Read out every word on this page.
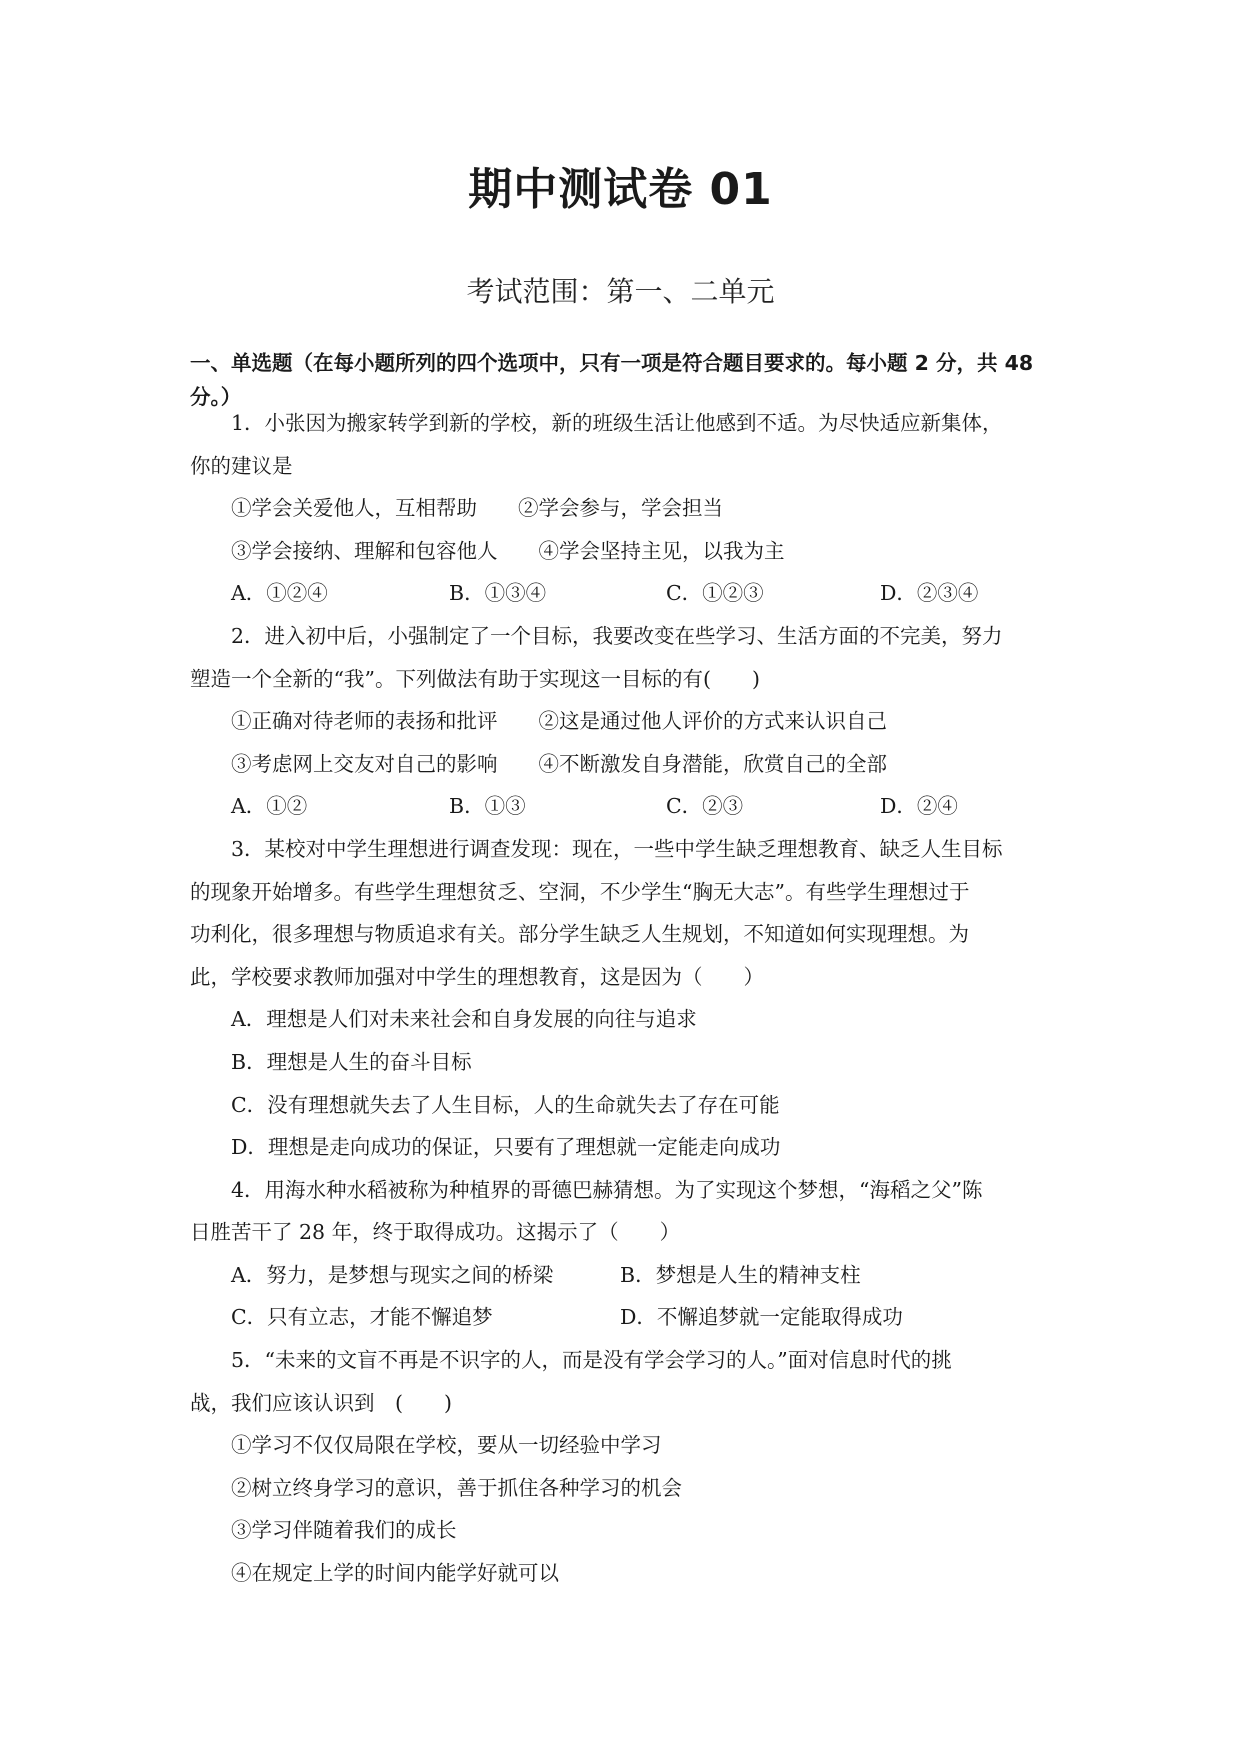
期中测试卷 01
考试范围：第一、二单元
一、单选题（在每小题所列的四个选项中，只有一项是符合题目要求的。每小题 2 分，共 48 分。）
1．小张因为搬家转学到新的学校，新的班级生活让他感到不适。为尽快适应新集体，
你的建议是
①学会关爱他人，互相帮助　　②学会参与，学会担当
③学会接纳、理解和包容他人　　④学会坚持主见，以我为主
A．①②④	B．①③④	C．①②③	D．②③④
2．进入初中后，小强制定了一个目标，我要改变在些学习、生活方面的不完美，努力
塑造一个全新的“我”。下列做法有助于实现这一目标的有(　　)
①正确对待老师的表扬和批评　　②这是通过他人评价的方式来认识自己
③考虑网上交友对自己的影响　　④不断激发自身潜能，欣赏自己的全部
A．①②	B．①③	C．②③	D．②④
3．某校对中学生理想进行调查发现：现在，一些中学生缺乏理想教育、缺乏人生目标
的现象开始增多。有些学生理想贫乏、空洞，不少学生“胸无大志”。有些学生理想过于
功利化，很多理想与物质追求有关。部分学生缺乏人生规划，不知道如何实现理想。为
此，学校要求教师加强对中学生的理想教育，这是因为（　　）
A．理想是人们对未来社会和自身发展的向往与追求
B．理想是人生的奋斗目标
C．没有理想就失去了人生目标，人的生命就失去了存在可能
D．理想是走向成功的保证，只要有了理想就一定能走向成功
4．用海水种水稻被称为种植界的哥德巴赫猜想。为了实现这个梦想，“海稻之父”陈
日胜苦干了 28 年，终于取得成功。这揭示了（　　）
A．努力，是梦想与现实之间的桥梁	B．梦想是人生的精神支柱
C．只有立志，才能不懈追梦	D．不懈追梦就一定能取得成功
5．“未来的文盲不再是不识字的人，而是没有学会学习的人。”面对信息时代的挑
战，我们应该认识到　(　　)
①学习不仅仅局限在学校，要从一切经验中学习
②树立终身学习的意识，善于抓住各种学习的机会
③学习伴随着我们的成长
④在规定上学的时间内能学好就可以
